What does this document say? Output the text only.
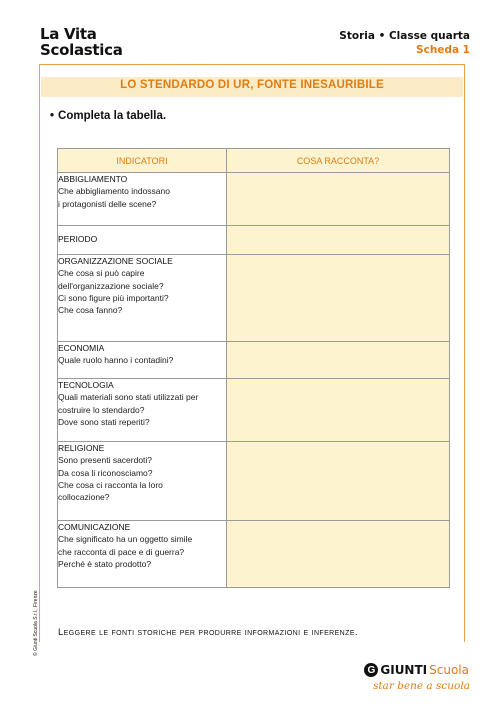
La Vita
Scolastica
Storia • Classe quarta
Scheda 1
LO STENDARDO DI UR, FONTE INESAURIBILE
• Completa la tabella.
INDICATORI	COSA RACCONTA?

ABBIGLIAMENTO
Che abbigliamento indossano
i protagonisti delle scene?	

PERIODO	

ORGANIZZAZIONE SOCIALE
Che cosa si può capire
dell'organizzazione sociale?
Ci sono figure più importanti?
Che cosa fanno?	

ECONOMIA
Quale ruolo hanno i contadini?	

TECNOLOGIA
Quali materiali sono stati utilizzati per
costruire lo stendardo?
Dove sono stati reperiti?	

RELIGIONE
Sono presenti sacerdoti?
Da cosa li riconosciamo?
Che cosa ci racconta la loro
collocazione?	

COMUNICAZIONE
Che significato ha un oggetto simile
che racconta di pace e di guerra?
Perché è stato prodotto?	

Leggere le fonti storiche per produrre informazioni e inferenze.
© Giunti Scuola S.r.l., Firenze
G GIUNTI Scuola
star bene a scuola
